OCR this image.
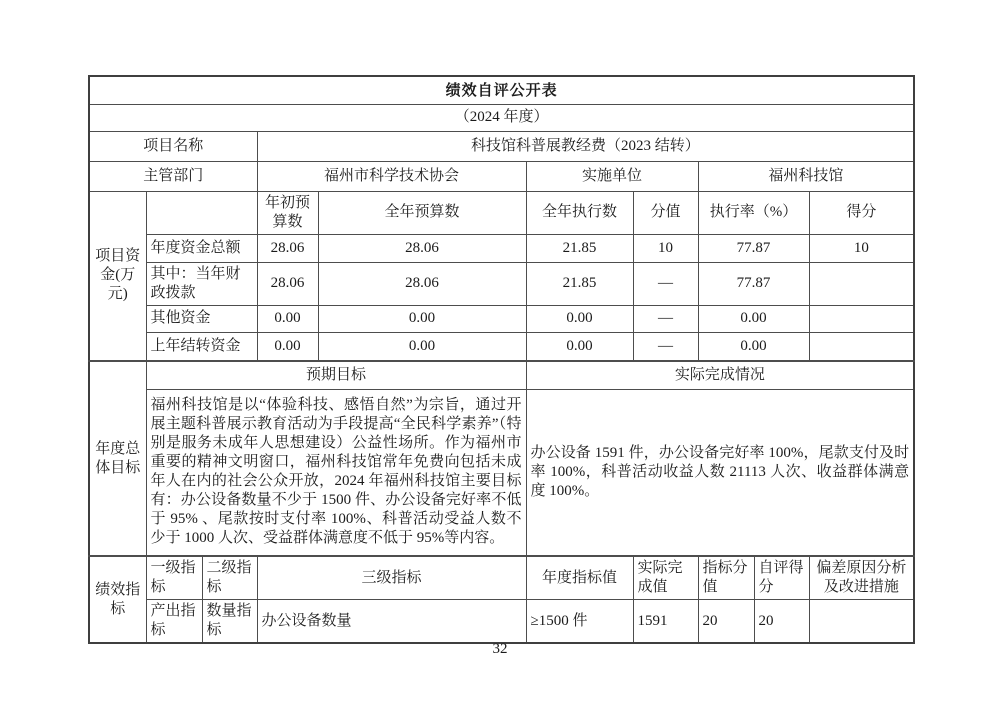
绩效自评公开表									
（2024 年度）									
项目名称			科技馆科普展教经费（2023 结转）						
主管部门			福州市科学技术协会		实施单位		福州科技馆		
项目资金(万元)			年初预算数	全年预算数	全年执行数	分值	执行率（%）		得分
	年度资金总额		28.06	28.06	21.85	10	77.87		10
	其中：当年财政拨款		28.06	28.06	21.85	—	77.87		
	其他资金		0.00	0.00	0.00	—	0.00		
	上年结转资金		0.00	0.00	0.00	—	0.00		
年度总体目标	预期目标				实际完成情况				
	福州科技馆是以“体验科技、感悟自然”为宗旨，通过开展主题科普展示教育活动为手段提高“全民科学素养”（特别是服务未成年人思想建设）公益性场所。作为福州市重要的精神文明窗口，福州科技馆常年免费向包括未成年人在内的社会公众开放，2024 年福州科技馆主要目标有：办公设备数量不少于 1500 件、办公设备完好率不低于 95% 、尾款按时支付率 100%、科普活动受益人数不少于 1000 人次、受益群体满意度不低于 95%等内容。				办公设备 1591 件，办公设备完好率 100%，尾款支付及时率 100%，科普活动收益人数 21113 人次、收益群体满意度 100%。				
绩效指标	一级指标	二级指标	三级指标		年度指标值	实际完成值	指标分值	自评得分	偏差原因分析及改进措施
	产出指标	数量指标	办公设备数量		≥1500 件	1591	20	20	
32
